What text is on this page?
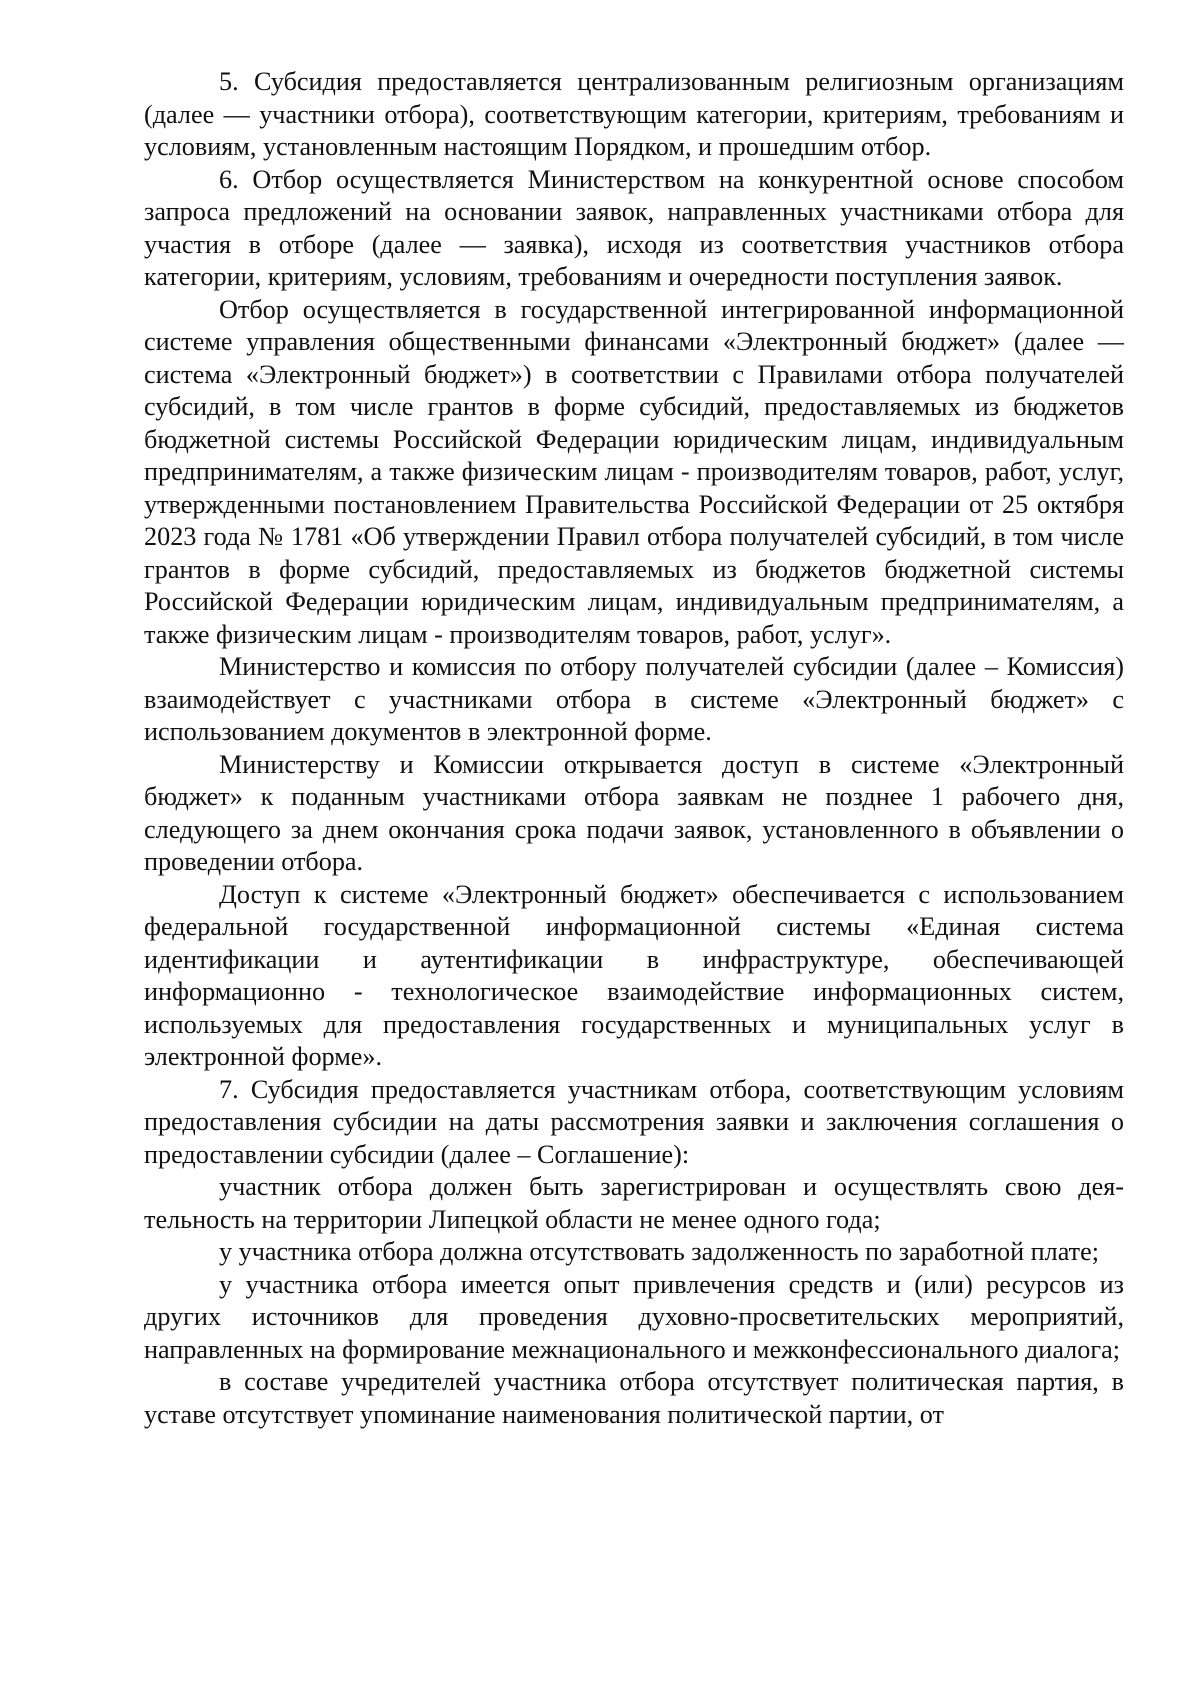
5. Субсидия предоставляется централизованным религиозным организациям (далее — участники отбора), соответствующим категории, критериям, требованиям и условиям, установленным настоящим Порядком, и прошедшим отбор.

6. Отбор осуществляется Министерством на конкурентной основе способом запроса предложений на основании заявок, направленных участниками отбора для участия в отборе (далее — заявка), исходя из соответствия участников отбора категории, критериям, условиям, требованиям и очередности поступления заявок.

Отбор осуществляется в государственной интегрированной информационной системе управления общественными финансами «Электронный бюджет» (далее — система «Электронный бюджет») в соответствии с Правилами отбора получателей субсидий, в том числе грантов в форме субсидий, предоставляемых из бюджетов бюджетной системы Российской Федерации юридическим лицам, индивидуальным предпринимателям, а также физическим лицам - производителям товаров, работ, услуг, утвержденными постановлением Правительства Российской Федерации от 25 октября 2023 года № 1781 «Об утверждении Правил отбора получателей субсидий, в том числе грантов в форме субсидий, предоставляемых из бюджетов бюджетной системы Российской Федерации юридическим лицам, индивидуальным предпринимателям, а также физическим лицам - производителям товаров, работ, услуг».

Министерство и комиссия по отбору получателей субсидии (далее – Комиссия) взаимодействует с участниками отбора в системе «Электронный бюджет» с использованием документов в электронной форме.

Министерству и Комиссии открывается доступ в системе «Электронный бюджет» к поданным участниками отбора заявкам не позднее 1 рабочего дня, следующего за днем окончания срока подачи заявок, установленного в объявлении о проведении отбора.

Доступ к системе «Электронный бюджет» обеспечивается с использованием федеральной государственной информационной системы «Единая система идентификации и аутентификации в инфраструктуре, обеспечивающей информационно - технологическое взаимодействие информационных систем, используемых для предоставления государственных и муниципальных услуг в электронной форме».

7. Субсидия предоставляется участникам отбора, соответствующим условиям предоставления субсидии на даты рассмотрения заявки и заключения соглашения о предоставлении субсидии (далее – Соглашение):

участник отбора должен быть зарегистрирован и осуществлять свою деятельность на территории Липецкой области не менее одного года;

у участника отбора должна отсутствовать задолженность по заработной плате;

у участника отбора имеется опыт привлечения средств и (или) ресурсов из других источников для проведения духовно-просветительских мероприятий, направленных на формирование межнационального и межконфессионального диалога;

в составе учредителей участника отбора отсутствует политическая партия, в уставе отсутствует упоминание наименования политической партии, от
